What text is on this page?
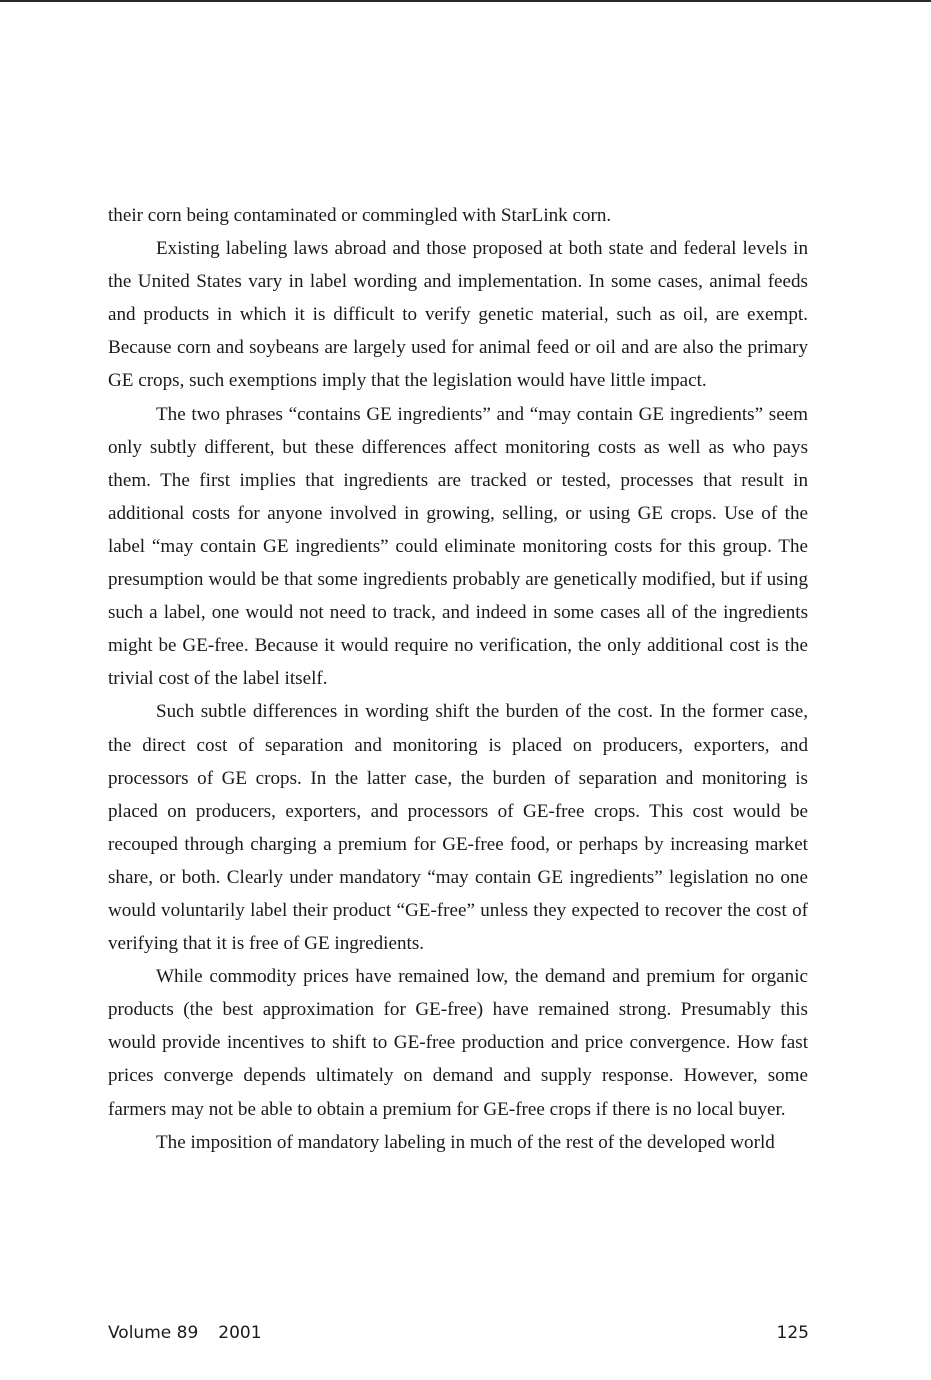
their corn being contaminated or commingled with StarLink corn.

Existing labeling laws abroad and those proposed at both state and federal levels in the United States vary in label wording and implementation. In some cases, animal feeds and products in which it is difficult to verify genetic material, such as oil, are exempt. Because corn and soybeans are largely used for animal feed or oil and are also the primary GE crops, such exemptions imply that the legislation would have little impact.

The two phrases “contains GE ingredients” and “may contain GE ingredients” seem only subtly different, but these differences affect monitoring costs as well as who pays them. The first implies that ingredients are tracked or tested, processes that result in additional costs for anyone involved in growing, selling, or using GE crops. Use of the label “may contain GE ingredients” could eliminate monitoring costs for this group. The presumption would be that some ingredients probably are genetically modified, but if using such a label, one would not need to track, and indeed in some cases all of the ingredients might be GE-free. Because it would require no verification, the only additional cost is the trivial cost of the label itself.

Such subtle differences in wording shift the burden of the cost. In the former case, the direct cost of separation and monitoring is placed on producers, exporters, and processors of GE crops. In the latter case, the burden of separation and monitoring is placed on producers, exporters, and processors of GE-free crops. This cost would be recouped through charging a premium for GE-free food, or perhaps by increasing market share, or both. Clearly under mandatory “may contain GE ingredients” legislation no one would voluntarily label their product “GE-free” unless they expected to recover the cost of verifying that it is free of GE ingredients.

While commodity prices have remained low, the demand and premium for organic products (the best approximation for GE-free) have remained strong. Presumably this would provide incentives to shift to GE-free production and price convergence. How fast prices converge depends ultimately on demand and supply response. However, some farmers may not be able to obtain a premium for GE-free crops if there is no local buyer.

The imposition of mandatory labeling in much of the rest of the developed world

Volume 89 2001	125
